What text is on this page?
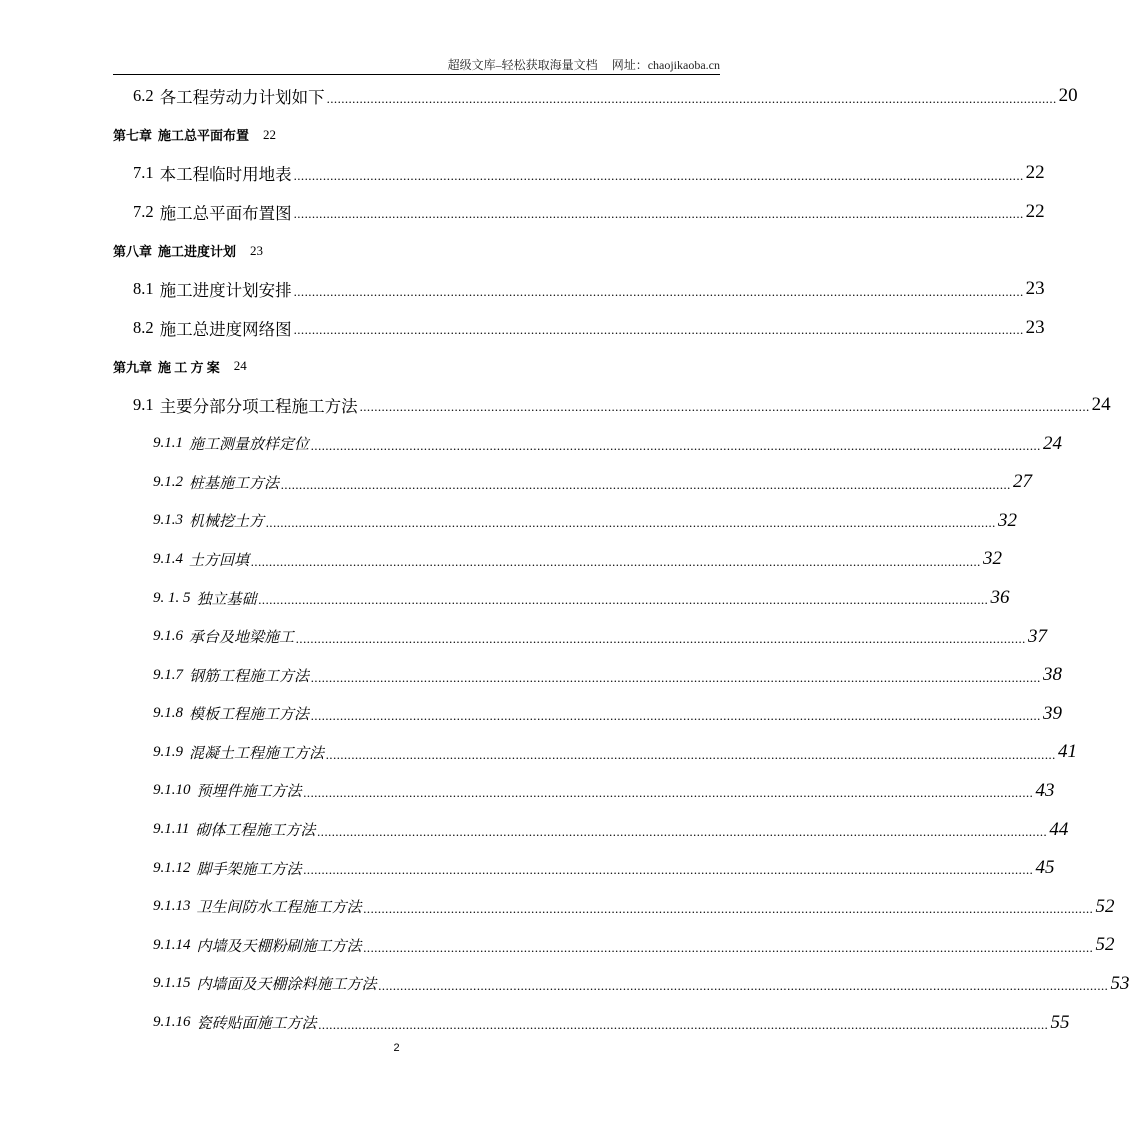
超级文库–轻松获取海量文档 网址：chaojikaoba.cn
6.2 各工程劳动力计划如下 ........................................................................................................................................................................................................ 20
第七章 施工总平面布置 22
7.1 本工程临时用地表 ........................................................................................................................................................................................................ 22
7.2 施工总平面布置图 ........................................................................................................................................................................................................ 22
第八章 施工进度计划 23
8.1 施工进度计划安排 ........................................................................................................................................................................................................ 23
8.2 施工总进度网络图 ........................................................................................................................................................................................................ 23
第九章 施 工 方 案 24
9.1 主要分部分项工程施工方法 ........................................................................................................................................................................................................ 24
9.1.1 施工测量放样定位 ........................................................................................................................................................................................................ 24
9.1.2 桩基施工方法 ........................................................................................................................................................................................................ 27
9.1.3 机械挖土方 ........................................................................................................................................................................................................ 32
9.1.4 土方回填 ........................................................................................................................................................................................................ 32
9. 1. 5 独立基础 ........................................................................................................................................................................................................ 36
9.1.6 承台及地梁施工 ........................................................................................................................................................................................................ 37
9.1.7 钢筋工程施工方法 ........................................................................................................................................................................................................ 38
9.1.8 模板工程施工方法 ........................................................................................................................................................................................................ 39
9.1.9 混凝土工程施工方法 ........................................................................................................................................................................................................ 41
9.1.10 预埋件施工方法 ........................................................................................................................................................................................................ 43
9.1.11 砌体工程施工方法 ........................................................................................................................................................................................................ 44
9.1.12 脚手架施工方法 ........................................................................................................................................................................................................ 45
9.1.13 卫生间防水工程施工方法 ........................................................................................................................................................................................................ 52
9.1.14 内墙及天棚粉刷施工方法 ........................................................................................................................................................................................................ 52
9.1.15 内墙面及天棚涂料施工方法 ........................................................................................................................................................................................................ 53
9.1.16 瓷砖贴面施工方法 ........................................................................................................................................................................................................ 55
2
